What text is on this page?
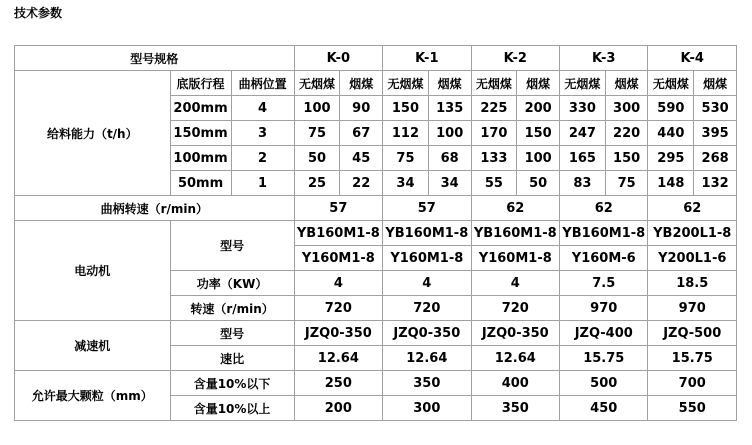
技术参数
型号规格			K-0		K-1		K-2		K-3		K-4	
给料能力（t/h）	底版行程	曲柄位置	无烟煤	烟煤	无烟煤	烟煤	无烟煤	烟煤	无烟煤	烟煤	无烟煤	烟煤
	200mm	4	100	90	150	135	225	200	330	300	590	530
	150mm	3	75	67	112	100	170	150	247	220	440	395
	100mm	2	50	45	75	68	133	100	165	150	295	268
	50mm	1	25	22	34	34	55	50	83	75	148	132
曲柄转速（r/min）			57		57		62		62		62	
电动机	型号		YB160M1-8		YB160M1-8		YB160M1-8		YB160M1-8		YB200L1-8	
			Y160M1-8		Y160M1-8		Y160M1-8		Y160M-6		Y200L1-6	
	功率（KW）		4		4		4		7.5		18.5	
	转速（r/min）		720		720		720		970		970	
减速机	型号		JZQ0-350		JZQ0-350		JZQ0-350		JZQ-400		JZQ-500	
	速比		12.64		12.64		12.64		15.75		15.75	
允许最大颗粒（mm）	含量10%以下		250		350		400		500		700	
	含量10%以上		200		300		350		450		550	
